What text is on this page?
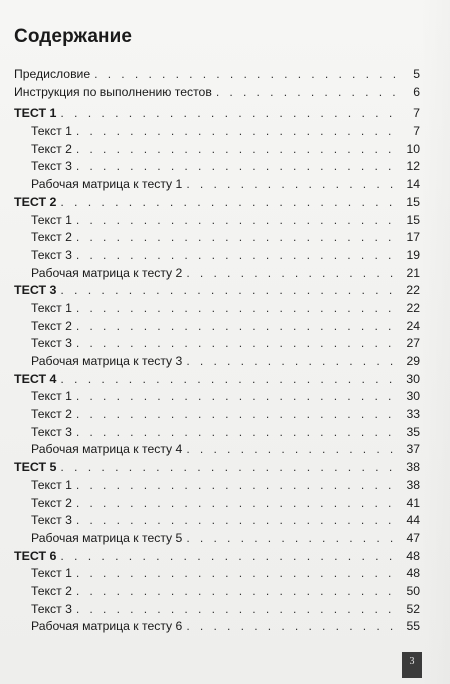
Содержание
Предисловие . . .	5
Инструкция по выполнению тестов . . .	6
ТЕСТ 1 . . .	7
Текст 1 . . .	7
Текст 2 . . .	10
Текст 3 . . .	12
Рабочая матрица к тесту 1 . . .	14
ТЕСТ 2 . . .	15
Текст 1 . . .	15
Текст 2 . . .	17
Текст 3 . . .	19
Рабочая матрица к тесту 2 . . .	21
ТЕСТ 3 . . .	22
Текст 1 . . .	22
Текст 2 . . .	24
Текст 3 . . .	27
Рабочая матрица к тесту 3 . . .	29
ТЕСТ 4 . . .	30
Текст 1 . . .	30
Текст 2 . . .	33
Текст 3 . . .	35
Рабочая матрица к тесту 4 . . .	37
ТЕСТ 5 . . .	38
Текст 1 . . .	38
Текст 2 . . .	41
Текст 3 . . .	44
Рабочая матрица к тесту 5 . . .	47
ТЕСТ 6 . . .	48
Текст 1 . . .	48
Текст 2 . . .	50
Текст 3 . . .	52
Рабочая матрица к тесту 6 . . .	55
3
